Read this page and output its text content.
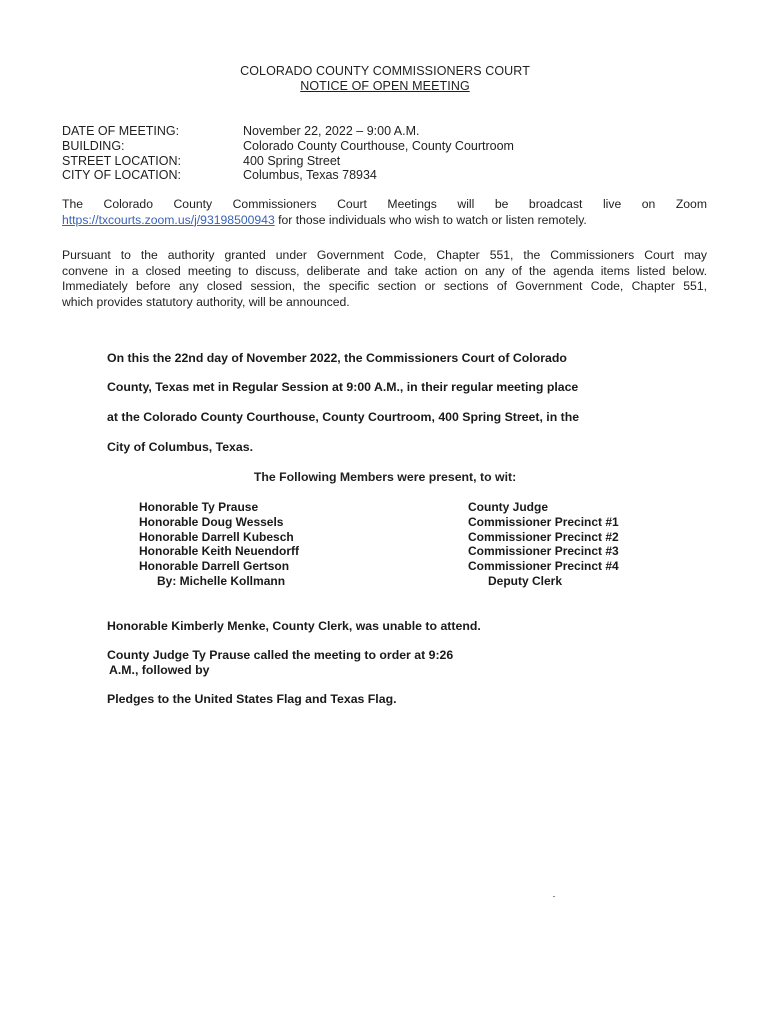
COLORADO COUNTY COMMISSIONERS COURT
NOTICE OF OPEN MEETING
DATE OF MEETING:	November 22, 2022 – 9:00 A.M.
BUILDING:	Colorado County Courthouse, County Courtroom
STREET LOCATION:	400 Spring Street
CITY OF LOCATION:	Columbus, Texas 78934
The Colorado County Commissioners Court Meetings will be broadcast live on Zoom
https://txcourts.zoom.us/j/93198500943 for those individuals who wish to watch or listen remotely.
Pursuant to the authority granted under Government Code, Chapter 551, the Commissioners Court may
convene in a closed meeting to discuss, deliberate and take action on any of the agenda items listed below.
Immediately before any closed session, the specific section or sections of Government Code, Chapter 551,
which provides statutory authority, will be announced.
On this the 22nd day of November 2022, the Commissioners Court of Colorado
County, Texas met in Regular Session at 9:00 A.M., in their regular meeting place
at the Colorado County Courthouse, County Courtroom, 400 Spring Street, in the
City of Columbus, Texas.
The Following Members were present, to wit:
Honorable Ty Prause	County Judge
Honorable Doug Wessels	Commissioner Precinct #1
Honorable Darrell Kubesch	Commissioner Precinct #2
Honorable Keith Neuendorff	Commissioner Precinct #3
Honorable Darrell Gertson	Commissioner Precinct #4
By: Michelle Kollmann	Deputy Clerk
Honorable Kimberly Menke, County Clerk, was unable to attend.
County Judge Ty Prause called the meeting to order at 9:26
A.M., followed by
Pledges to the United States Flag and Texas Flag.
